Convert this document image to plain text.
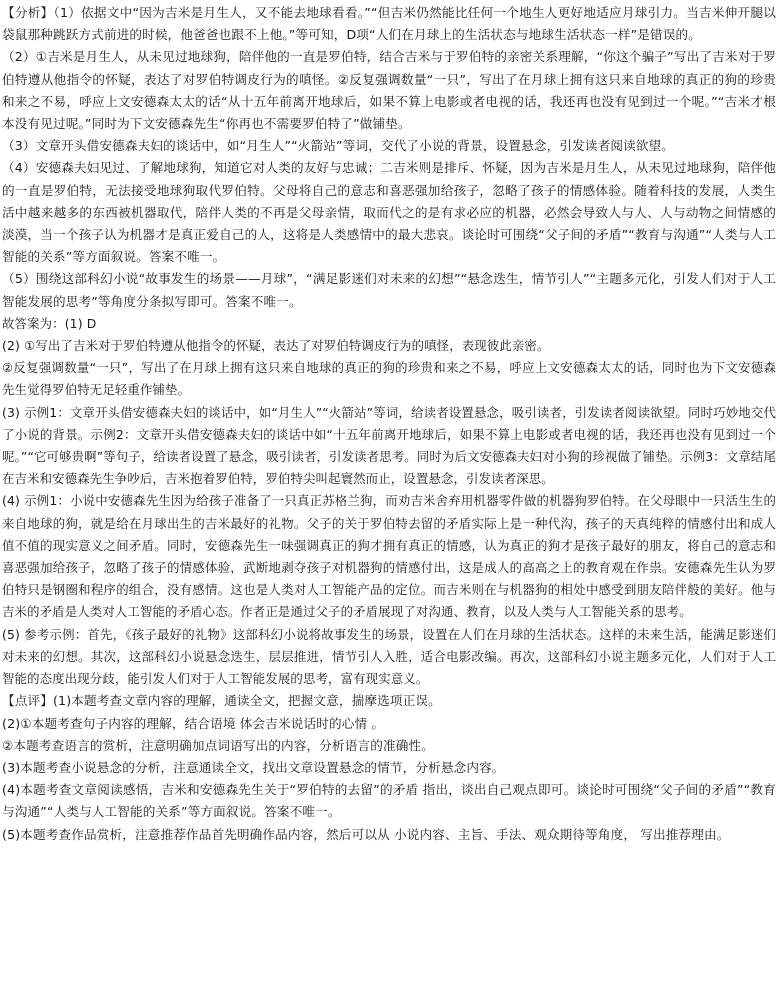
【分析】（1）依据文中“因为吉米是月生人，又不能去地球看看。”“但吉米仍然能比任何一个地生人更好地适应月球引力。当吉米伸开腿以袋鼠那种跳跃方式前进的时候，他爸爸也跟不上他。”等可知，D项“人们在月球上的生活状态与地球生活状态一样”是错误的。

（2）①吉米是月生人，从未见过地球狗，陪伴他的一直是罗伯特，结合吉米与于罗伯特的亲密关系理解，“你这个骗子”写出了吉米对于罗伯特遵从他指令的怀疑，表达了对罗伯特调皮行为的嗔怪。②反复强调数量“一只”，写出了在月球上拥有这只来自地球的真正的狗的珍贵和来之不易，呼应上文安德森太太的话“从十五年前离开地球后，如果不算上电影或者电视的话，我还再也没有见到过一个呢。”“吉米才根本没有见过呢。”同时为下文安德森先生“你再也不需要罗伯特了”做铺垫。

（3）文章开头借安德森夫妇的谈话中，如“月生人”“火箭站”等词，交代了小说的背景，设置悬念，引发读者阅读欲望。

（4）安德森夫妇见过、了解地球狗，知道它对人类的友好与忠诚；二吉米则是排斥、怀疑，因为吉米是月生人，从未见过地球狗，陪伴他的一直是罗伯特，无法接受地球狗取代罗伯特。父母将自己的意志和喜恶强加给孩子，忽略了孩子的情感体验。随着科技的发展，人类生活中越来越多的东西被机器取代，陪伴人类的不再是父母亲情，取而代之的是有求必应的机器，必然会导致人与人、人与动物之间情感的淡漠，当一个孩子认为机器才是真正爱自己的人，这将是人类感情中的最大悲哀。谈论时可围绕“父子间的矛盾”“教育与沟通”“人类与人工智能的关系”等方面叙说。答案不唯一。

（5）围绕这部科幻小说“故事发生的场景——月球”，“满足影迷们对未来的幻想”“悬念迭生，情节引人”“主题多元化，引发人们对于人工智能发展的思考”等角度分条拟写即可。答案不唯一。

故答案为：(1) D

(2) ①写出了吉米对于罗伯特遵从他指令的怀疑，表达了对罗伯特调皮行为的嗔怪，表现彼此亲密。

②反复强调数量“一只”，写出了在月球上拥有这只来自地球的真正的狗的珍贵和来之不易，呼应上文安德森太太的话，同时也为下文安德森先生觉得罗伯特无足轻重作铺垫。

(3) 示例1：文章开头借安德森夫妇的谈话中，如“月生人”“火箭站”等词，给读者设置悬念，吸引读者，引发读者阅读欲望。同时巧妙地交代了小说的背景。示例2：文章开头借安德森夫妇的谈话中如“十五年前离开地球后，如果不算上电影或者电视的话，我还再也没有见到过一个呢。”“它可够贵啊”等句子，给读者设置了悬念，吸引读者，引发读者思考。同时为后文安德森夫妇对小狗的珍视做了铺垫。示例3：文章结尾在吉米和安德森先生争吵后，吉米抱着罗伯特，罗伯特尖叫起寰然而止，设置悬念，引发读者深思。

(4) 示例1：小说中安德森先生因为给孩子准备了一只真正苏格兰狗，而劝吉米舍弃用机器零件做的机器狗罗伯特。在父母眼中一只活生生的来自地球的狗，就是给在月球出生的吉米最好的礼物。父子的关于罗伯特去留的矛盾实际上是一种代沟，孩子的天真纯粹的情感付出和成人值不值的现实意义之间矛盾。同时，安德森先生一味强调真正的狗才拥有真正的情感，认为真正的狗才是孩子最好的朋友，将自己的意志和喜恶强加给孩子，忽略了孩子的情感体验，武断地剥夺孩子对机器狗的情感付出，这是成人的高高之上的教育观在作祟。安德森先生认为罗伯特只是钢圈和程序的组合，没有感情。这也是人类对人工智能产品的定位。而吉米则在与机器狗的相处中感受到朋友陪伴般的美好。他与吉米的矛盾是人类对人工智能的矛盾心态。作者正是通过父子的矛盾展现了对沟通、教育，以及人类与人工智能关系的思考。

(5) 参考示例：首先，《孩子最好的礼物》这部科幻小说将故事发生的场景，设置在人们在月球的生活状态。这样的未来生活，能满足影迷们对未来的幻想。其次，这部科幻小说悬念迭生，层层推进，情节引人入胜，适合电影改编。再次，这部科幻小说主题多元化，人们对于人工智能的态度出现分歧，能引发人们对于人工智能发展的思考，富有现实意义。

【点评】(1)本题考查文章内容的理解，通读全文，把握文意，揣摩选项正误。

(2)①本题考查句子内容的理解，结合语境 体会吉米说话时的心情 。

②本题考查语言的赏析，注意明确加点词语写出的内容，分析语言的准确性。

(3)本题考查小说悬念的分析，注意通读全文，找出文章设置悬念的情节，分析悬念内容。

(4)本题考查文章阅读感悟，吉米和安德森先生关于“罗伯特的去留”的矛盾 指出，谈出自己观点即可。谈论时可围绕“父子间的矛盾”“教育与沟通”“人类与人工智能的关系”等方面叙说。答案不唯一。

(5)本题考查作品赏析，注意推荐作品首先明确作品内容，然后可以从 小说内容、主旨、手法、观众期待等角度， 写出推荐理由。
